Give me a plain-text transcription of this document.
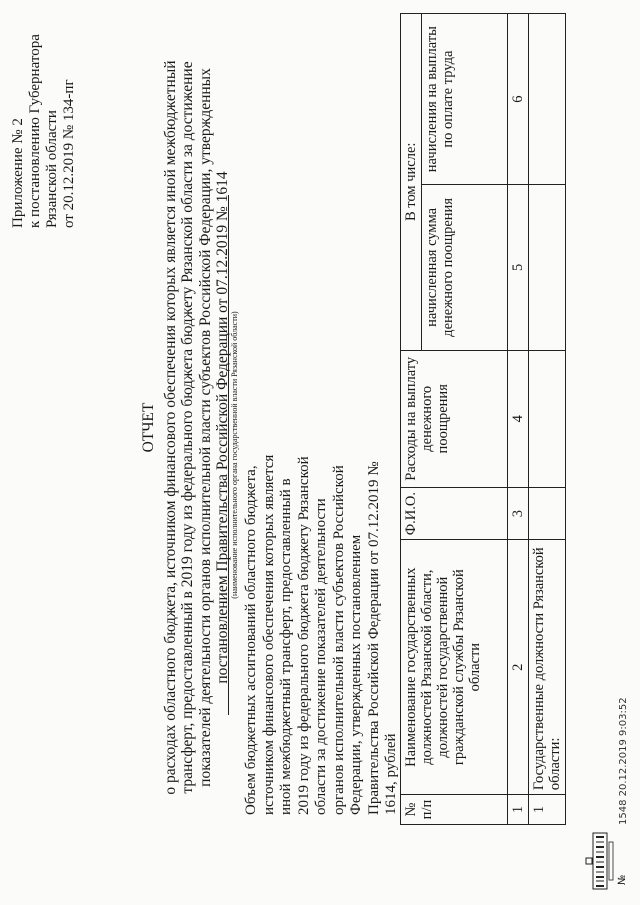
Приложение № 2 к постановлению Губернатора Рязанской области от 20.12.2019 № 134-пг
ОТЧЕТ о расходах областного бюджета, источником финансового обеспечения которых является иной межбюджетный трансферт, предоставленный в 2019 году из федерального бюджета бюджету Рязанской области за достижение показателей деятельности органов исполнительной власти субъектов Российской Федерации, утвержденных постановлением Правительства Российской Федерации от 07.12.2019 № 1614 (наименование исполнительного органа государственной власти Рязанской области)
Объем бюджетных ассигнований областного бюджета, источником финансового обеспечения которых является иной межбюджетный трансферт, предоставленный в 2019 году из федерального бюджета бюджету Рязанской области за достижение показателей деятельности органов исполнительной власти субъектов Российской Федерации, утвержденных постановлением Правительства Российской Федерации от 07.12.2019 № 1614, рублей № п/п	Наименование государственных должностей Рязанской области, должностей государственной гражданской службы Рязанской области	Ф.И.О.	Расходы на выплату денежного поощрения	В том числе:	
				начисленная сумма денежного поощрения	начисления на выплаты по оплате труда
1	2	3	4	5	6
1	Государственные должности Рязанской области:				
№
1548 20.12.2019 9:03:52
